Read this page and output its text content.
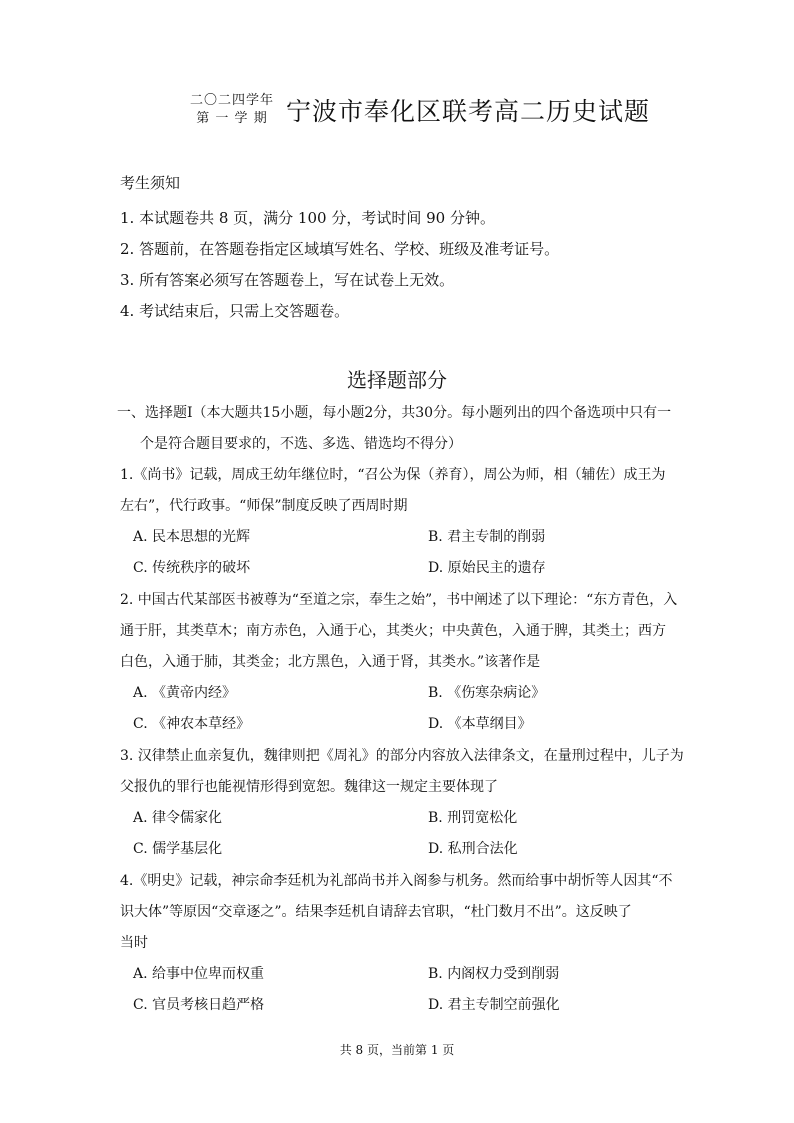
二〇二四学年
第 一 学 期 宁波市奉化区联考高二历史试题
考生须知
1. 本试题卷共 8 页，满分 100 分，考试时间 90 分钟。
2. 答题前，在答题卷指定区域填写姓名、学校、班级及准考证号。
3. 所有答案必须写在答题卷上，写在试卷上无效。
4. 考试结束后，只需上交答题卷。
选择题部分
一、选择题Ⅰ（本大题共15小题，每小题2分，共30分。每小题列出的四个备选项中只有一
个是符合题目要求的，不选、多选、错选均不得分）
1.《尚书》记载，周成王幼年继位时，“召公为保（养育），周公为师，相（辅佐）成王为
左右”，代行政事。“师保”制度反映了西周时期
A. 民本思想的光辉	B. 君主专制的削弱
C. 传统秩序的破坏	D. 原始民主的遗存
2. 中国古代某部医书被尊为“至道之宗，奉生之始”，书中阐述了以下理论：“东方青色，入
通于肝，其类草木；南方赤色，入通于心，其类火；中央黄色，入通于脾，其类土；西方
白色，入通于肺，其类金；北方黑色，入通于肾，其类水。”该著作是
A. 《黄帝内经》	B. 《伤寒杂病论》
C. 《神农本草经》	D. 《本草纲目》
3. 汉律禁止血亲复仇，魏律则把《周礼》的部分内容放入法律条文，在量刑过程中，儿子为
父报仇的罪行也能视情形得到宽恕。魏律这一规定主要体现了
A. 律令儒家化	B. 刑罚宽松化
C. 儒学基层化	D. 私刑合法化
4.《明史》记载，神宗命李廷机为礼部尚书并入阁参与机务。然而给事中胡忻等人因其“不
识大体”等原因“交章逐之”。结果李廷机自请辞去官职，“杜门数月不出”。这反映了
当时
A. 给事中位卑而权重	B. 内阁权力受到削弱
C. 官员考核日趋严格	D. 君主专制空前强化
共 8 页，当前第 1 页
